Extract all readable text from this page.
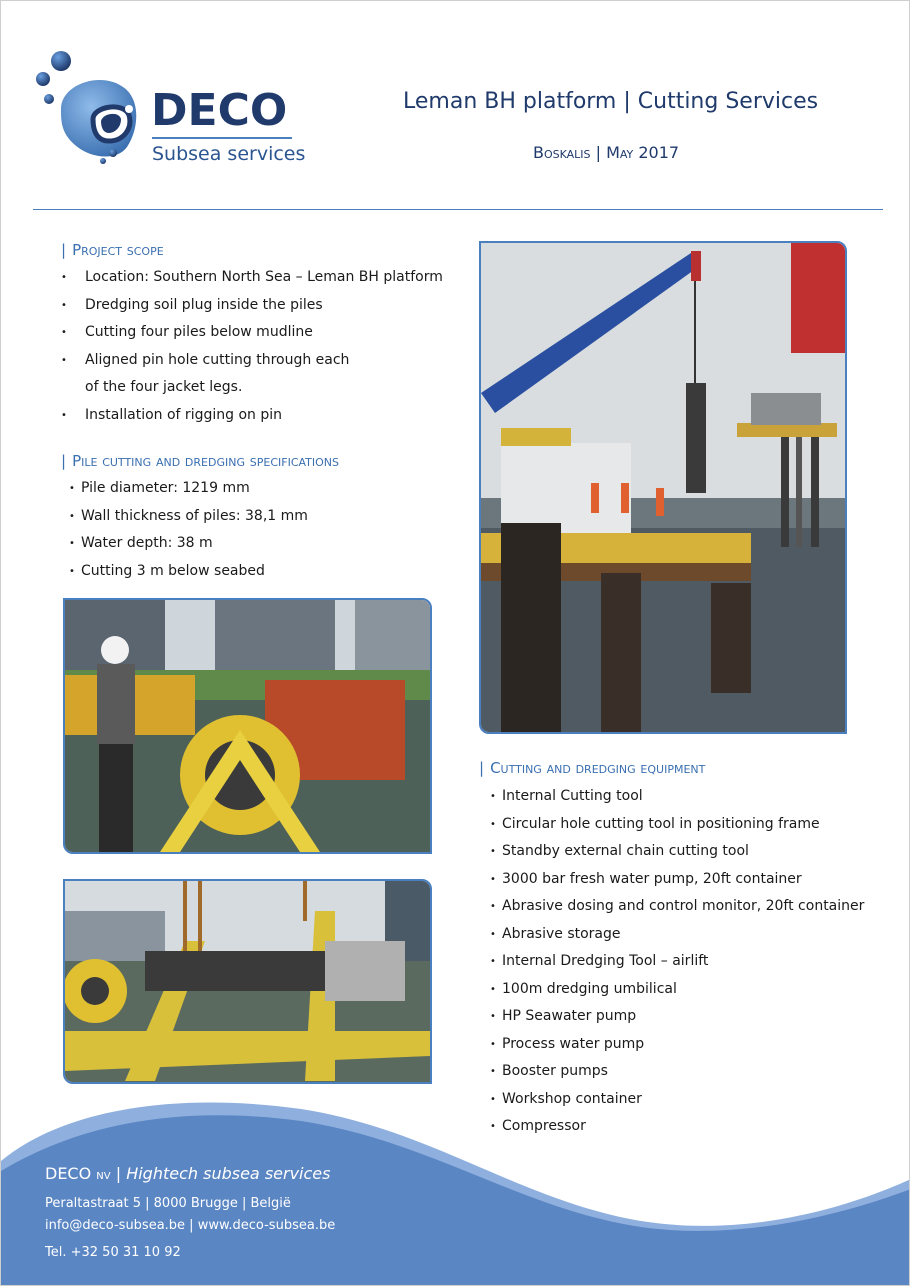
DECO
Subsea services
Leman BH platform | Cutting Services
Boskalis | May 2017
| Project scope
• Location: Southern North Sea – Leman BH platform
• Dredging soil plug inside the piles
• Cutting four piles below mudline
• Aligned pin hole cutting through each
of the four jacket legs.
• Installation of rigging on pin
| Pile cutting and dredging specifications
• Pile diameter: 1219 mm
• Wall thickness of piles: 38,1 mm
• Water depth: 38 m
• Cutting 3 m below seabed
| Cutting and dredging equipment
• Internal Cutting tool
• Circular hole cutting tool in positioning frame
• Standby external chain cutting tool
• 3000 bar fresh water pump, 20ft container
• Abrasive dosing and control monitor, 20ft container
• Abrasive storage
• Internal Dredging Tool – airlift
• 100m dredging umbilical
• HP Seawater pump
• Process water pump
• Booster pumps
• Workshop container
• Compressor
DECO nv | Hightech subsea services
Peraltastraat 5 | 8000 Brugge | België
info@deco-subsea.be | www.deco-subsea.be
Tel. +32 50 31 10 92
